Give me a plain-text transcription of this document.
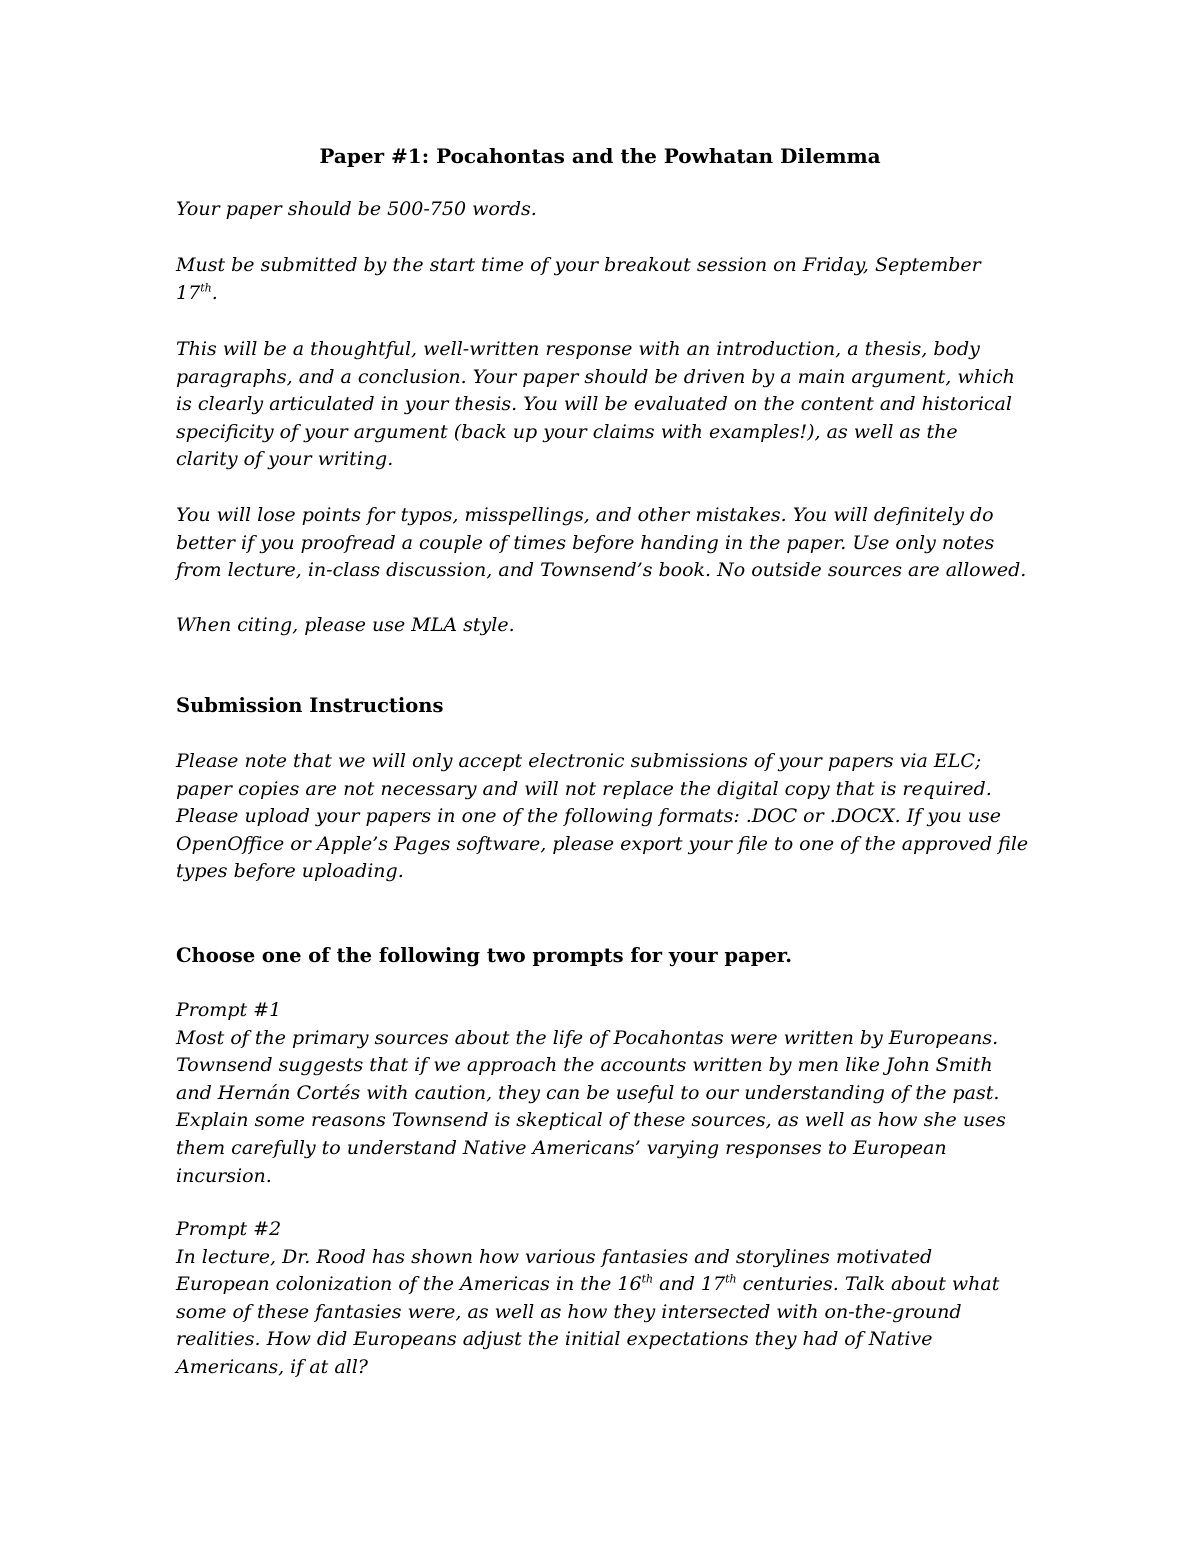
Paper #1: Pocahontas and the Powhatan Dilemma

Your paper should be 500-750 words.

Must be submitted by the start time of your breakout session on Friday, September
17th.

This will be a thoughtful, well-written response with an introduction, a thesis, body
paragraphs, and a conclusion. Your paper should be driven by a main argument, which
is clearly articulated in your thesis. You will be evaluated on the content and historical
specificity of your argument (back up your claims with examples!), as well as the
clarity of your writing.

You will lose points for typos, misspellings, and other mistakes. You will definitely do
better if you proofread a couple of times before handing in the paper. Use only notes
from lecture, in-class discussion, and Townsend’s book. No outside sources are allowed.

When citing, please use MLA style.

Submission Instructions

Please note that we will only accept electronic submissions of your papers via ELC;
paper copies are not necessary and will not replace the digital copy that is required.
Please upload your papers in one of the following formats: .DOC or .DOCX. If you use
OpenOffice or Apple’s Pages software, please export your file to one of the approved file
types before uploading.

Choose one of the following two prompts for your paper.

Prompt #1
Most of the primary sources about the life of Pocahontas were written by Europeans.
Townsend suggests that if we approach the accounts written by men like John Smith
and Hernán Cortés with caution, they can be useful to our understanding of the past.
Explain some reasons Townsend is skeptical of these sources, as well as how she uses
them carefully to understand Native Americans’ varying responses to European
incursion.

Prompt #2
In lecture, Dr. Rood has shown how various fantasies and storylines motivated
European colonization of the Americas in the 16th and 17th centuries. Talk about what
some of these fantasies were, as well as how they intersected with on-the-ground
realities. How did Europeans adjust the initial expectations they had of Native
Americans, if at all?
